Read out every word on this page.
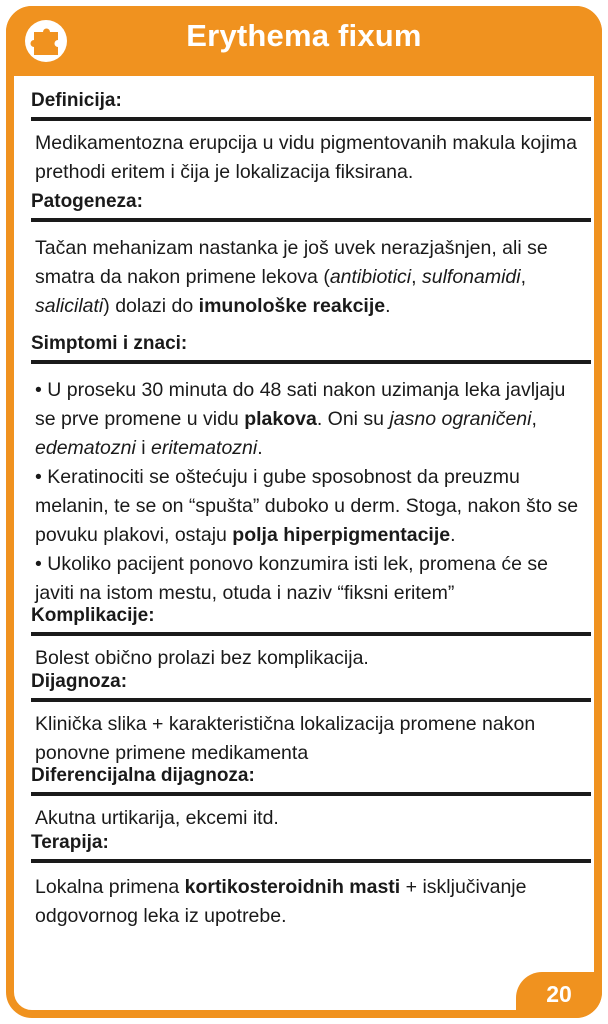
Erythema fixum
Definicija:

Medikamentozna erupcija u vidu pigmentovanih makula kojima prethodi eritem i čija je lokalizacija fiksirana.

Patogeneza:

Tačan mehanizam nastanka je još uvek nerazjašnjen, ali se smatra da nakon primene lekova (antibiotici, sulfonamidi, salicilati) dolazi do imunološke reakcije.

Simptomi i znaci:

• U proseku 30 minuta do 48 sati nakon uzimanja leka javljaju se prve promene u vidu plakova. Oni su jasno ograničeni, edematozni i eritematozni.

• Keratinociti se oštećuju i gube sposobnost da preuzmu melanin, te se on “spušta” duboko u derm. Stoga, nakon što se povuku plakovi, ostaju polja hiperpigmentacije.

• Ukoliko pacijent ponovo konzumira isti lek, promena će se javiti na istom mestu, otuda i naziv “fiksni eritem”

Komplikacije:

Bolest obično prolazi bez komplikacija.

Dijagnoza:

Klinička slika + karakteristična lokalizacija promene nakon ponovne primene medikamenta

Diferencijalna dijagnoza:

Akutna urtikarija, ekcemi itd.

Terapija:

Lokalna primena kortikosteroidnih masti + isključivanje odgovornog leka iz upotrebe.

20
